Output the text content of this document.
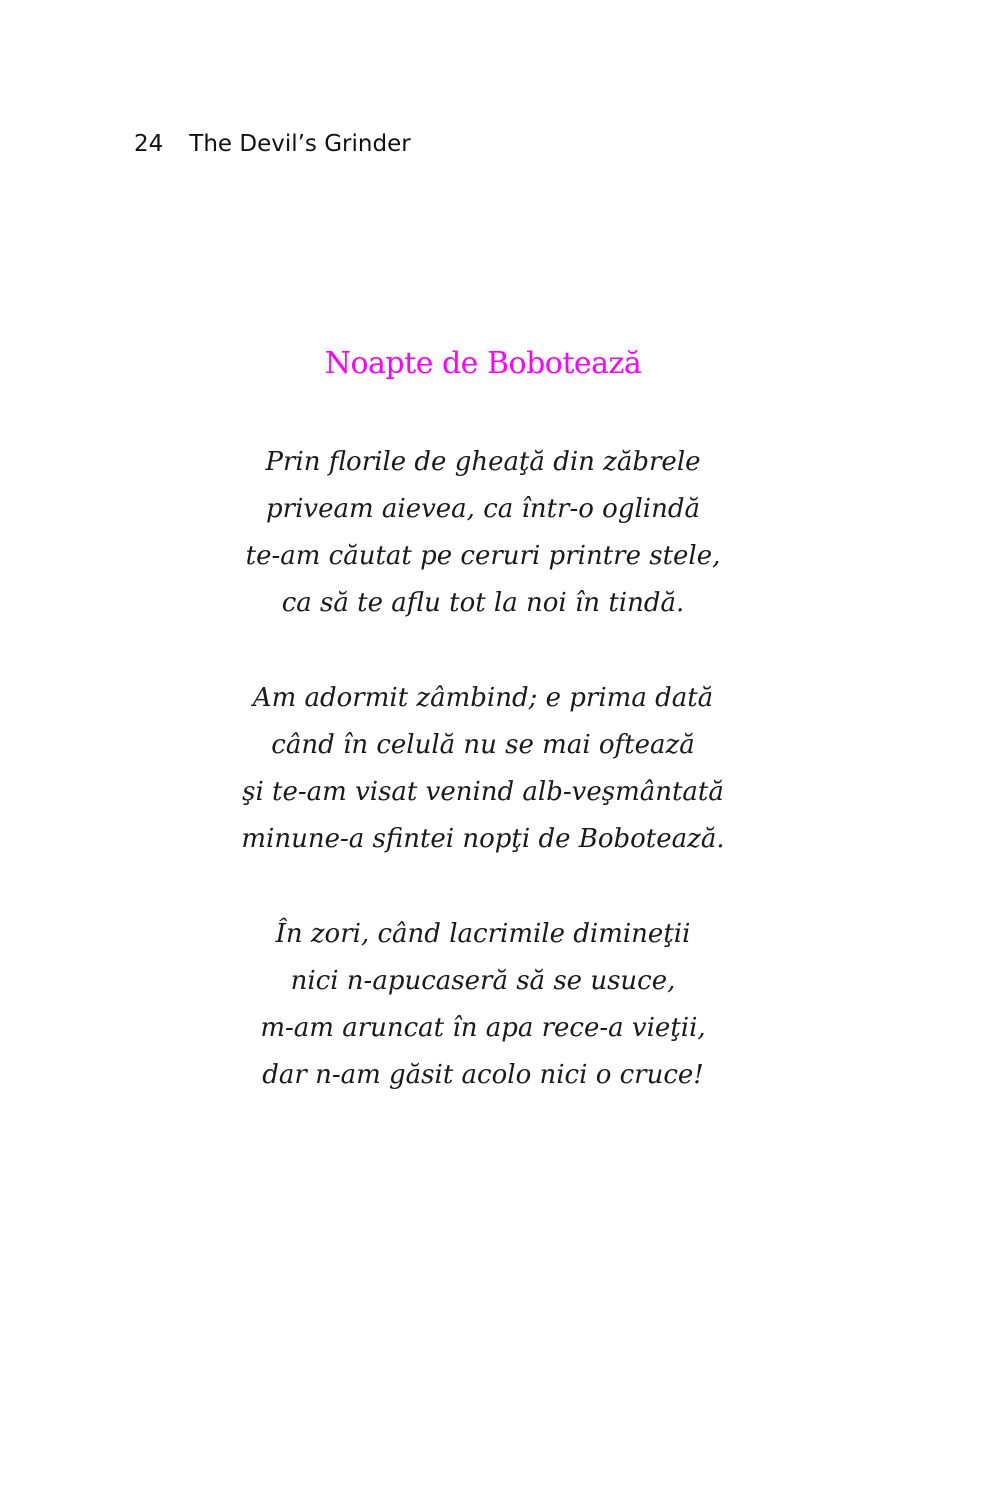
24 The Devil’s Grinder
Noapte de Bobotează

Prin florile de gheaţă din zăbrele
priveam aievea, ca într-o oglindă
te-am căutat pe ceruri printre stele,
ca să te aflu tot la noi în tindă.

Am adormit zâmbind; e prima dată
când în celulă nu se mai oftează
şi te-am visat venind alb-veşmântată
minune-a sfintei nopţi de Bobotează.

În zori, când lacrimile dimineţii
nici n-apucaseră să se usuce,
m-am aruncat în apa rece-a vieţii,
dar n-am găsit acolo nici o cruce!
